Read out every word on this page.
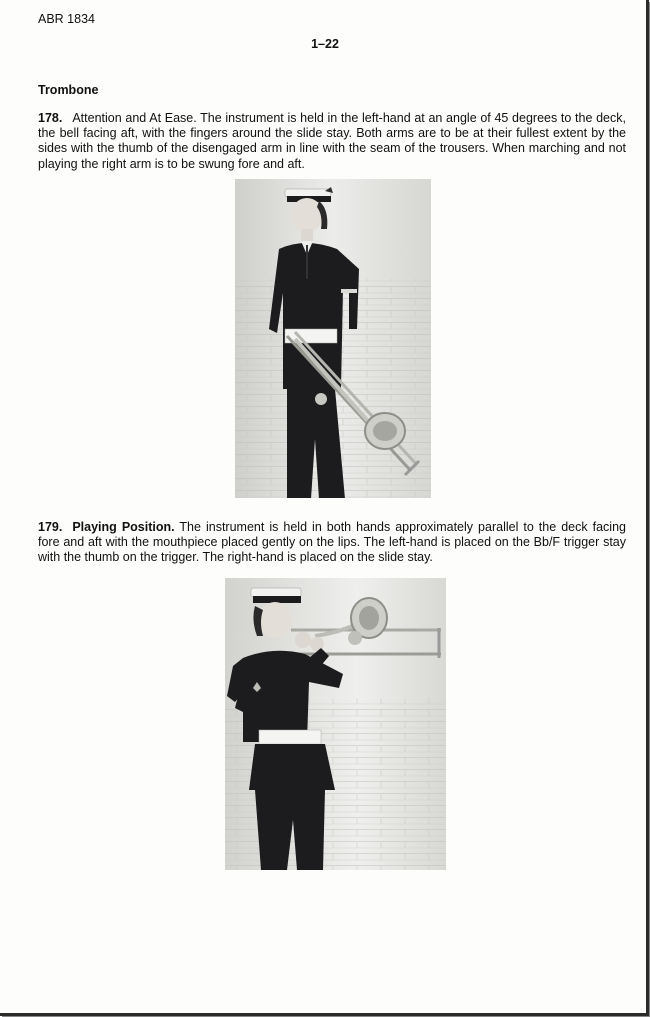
ABR 1834
1–22
Trombone
178. Attention and At Ease. The instrument is held in the left-hand at an angle of 45 degrees to the deck, the bell facing aft, with the fingers around the slide stay. Both arms are to be at their fullest extent by the sides with the thumb of the disengaged arm in line with the seam of the trousers. When marching and not playing the right arm is to be swung fore and aft.
179. Playing Position. The instrument is held in both hands approximately parallel to the deck facing fore and aft with the mouthpiece placed gently on the lips. The left-hand is placed on the Bb/F trigger stay with the thumb on the trigger. The right-hand is placed on the slide stay.
